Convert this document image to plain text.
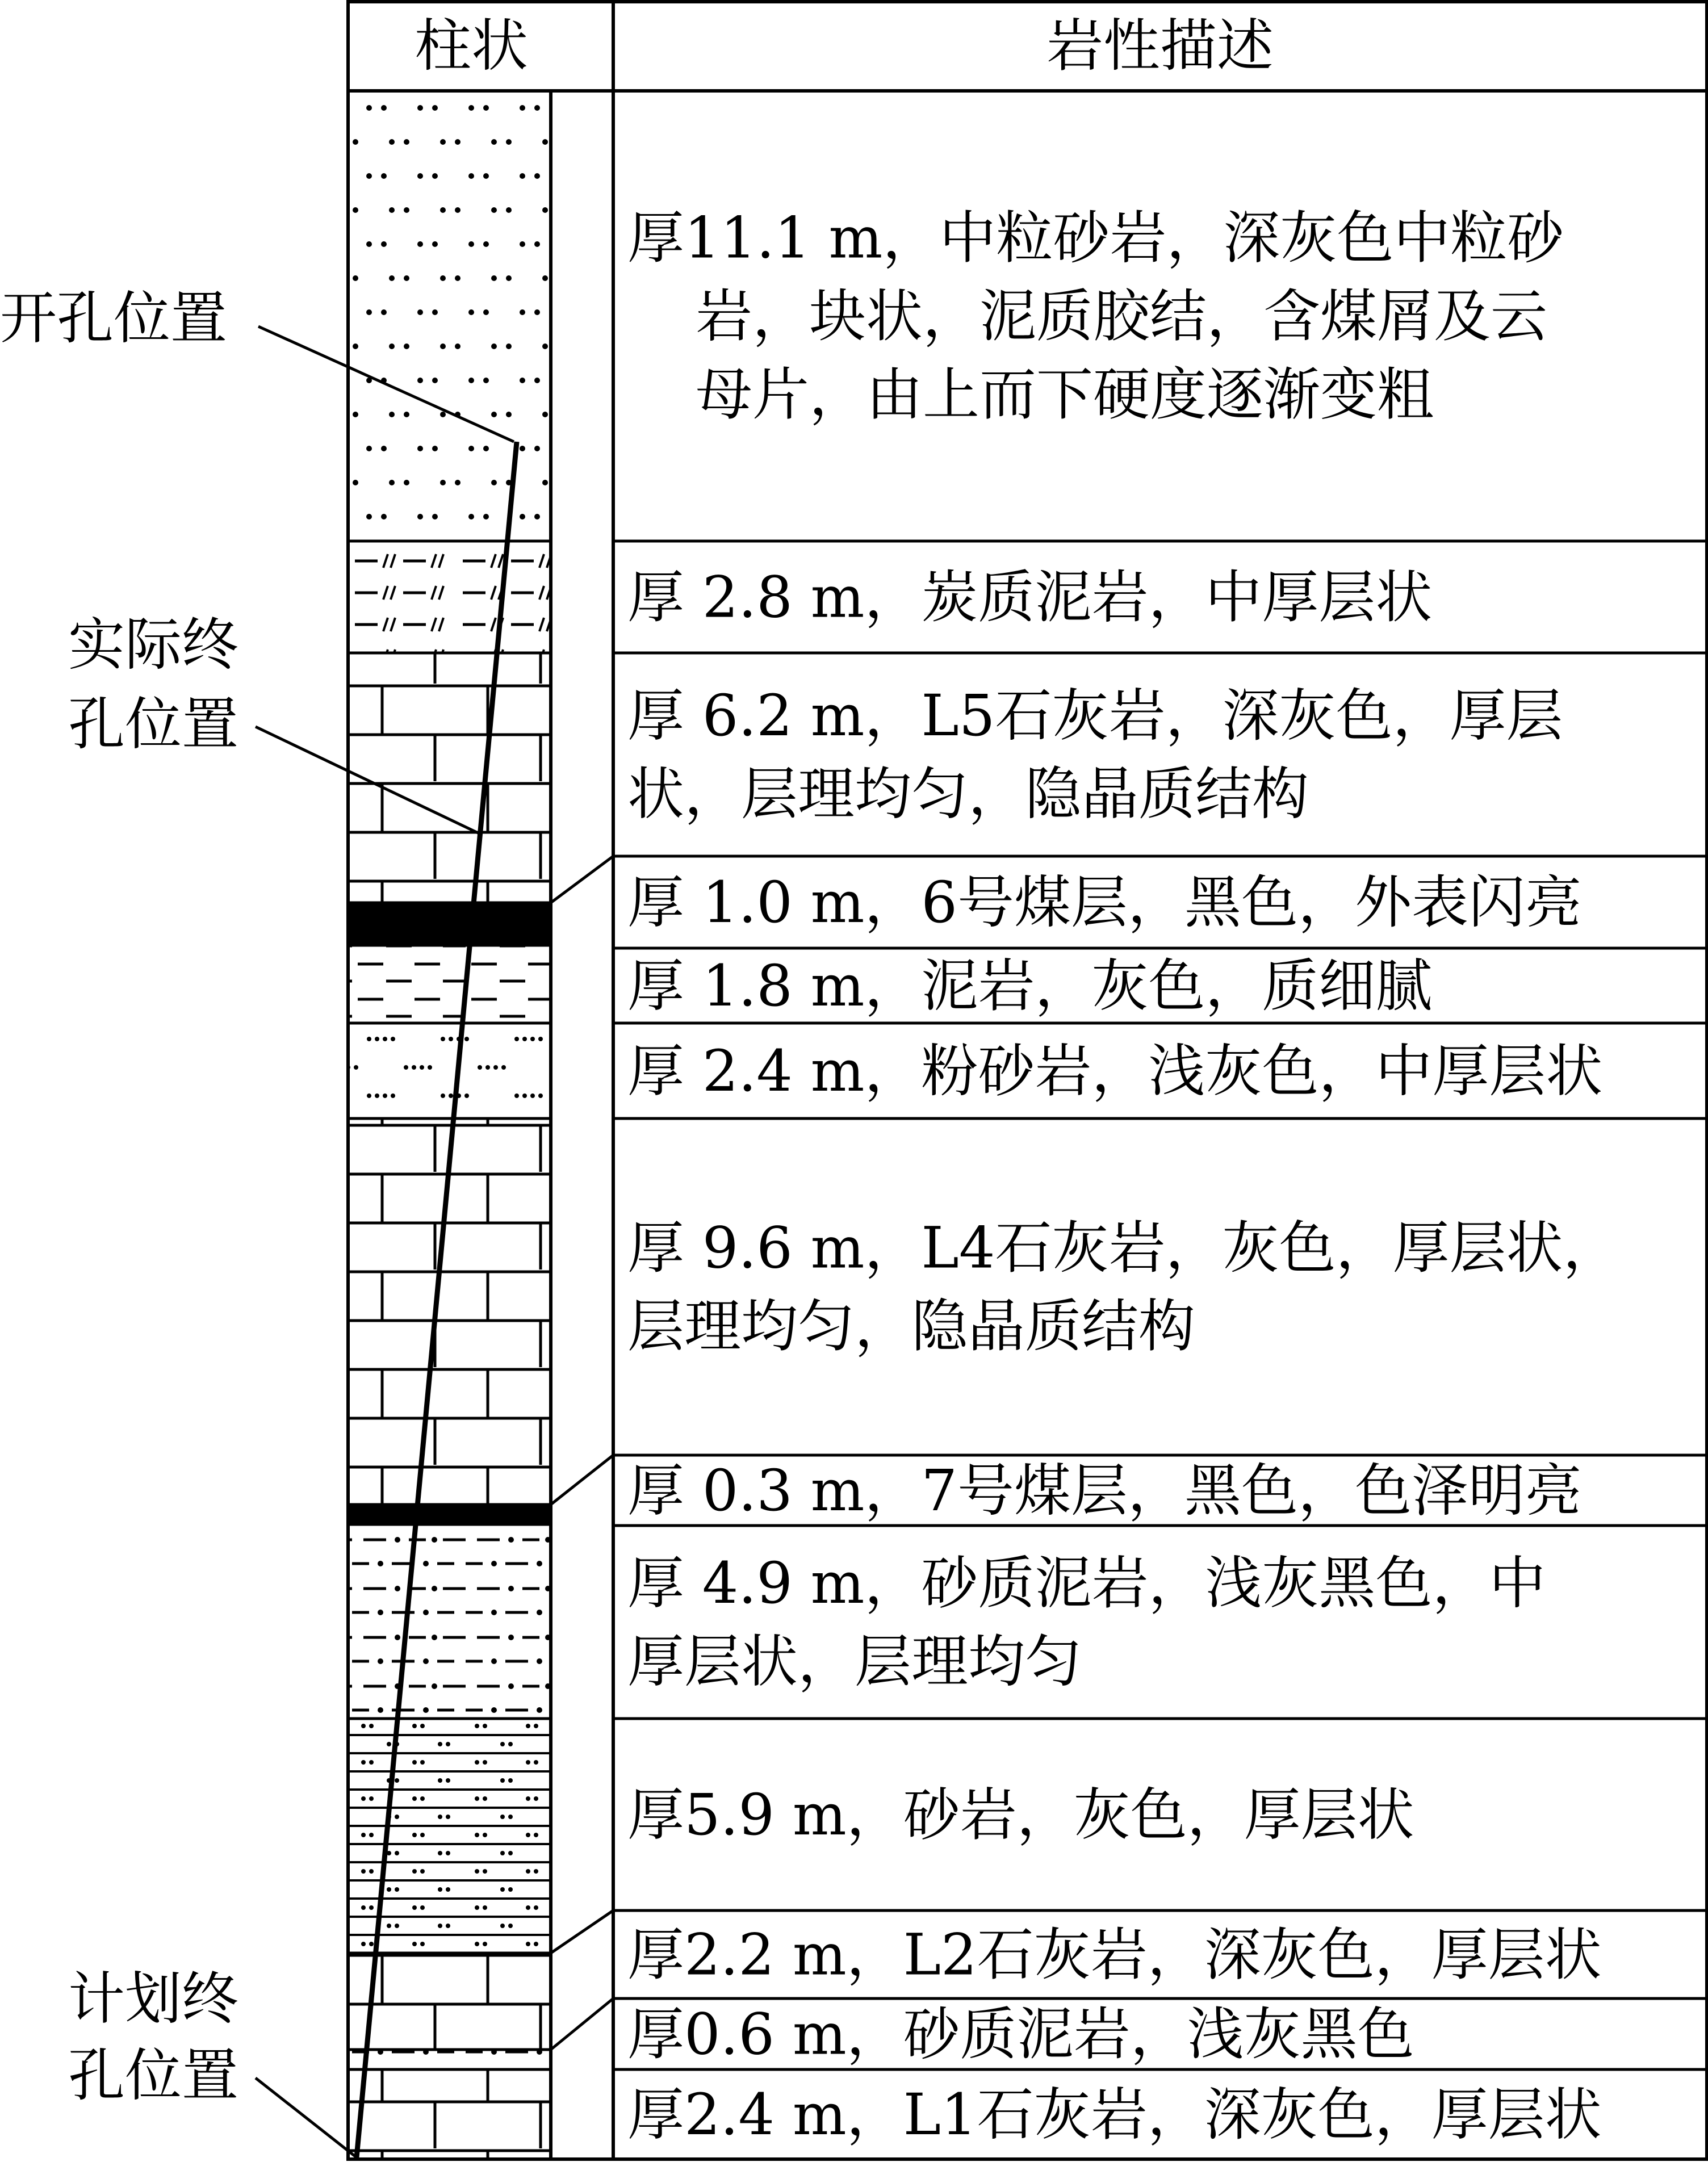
柱状	岩性描述
厚11.1 m，中粒砂岩，深灰色中粒砂
岩，块状，泥质胶结，含煤屑及云
母片，由上而下硬度逐渐变粗
厚 2.8 m，炭质泥岩，中厚层状
厚 6.2 m，L5石灰岩，深灰色，厚层
状，层理均匀，隐晶质结构
厚 1.0 m，6号煤层，黑色，外表闪亮
厚 1.8 m，泥岩，灰色，质细腻
厚 2.4 m，粉砂岩，浅灰色，中厚层状
厚 9.6 m，L4石灰岩，灰色，厚层状，
层理均匀，隐晶质结构
厚 0.3 m，7号煤层，黑色，色泽明亮
厚 4.9 m，砂质泥岩，浅灰黑色，中
厚层状，层理均匀
厚5.9 m，砂岩，灰色，厚层状
厚2.2 m，L2石灰岩，深灰色，厚层状
厚0.6 m，砂质泥岩，浅灰黑色
厚2.4 m，L1石灰岩，深灰色，厚层状
开孔位置
实际终
孔位置
计划终
孔位置
